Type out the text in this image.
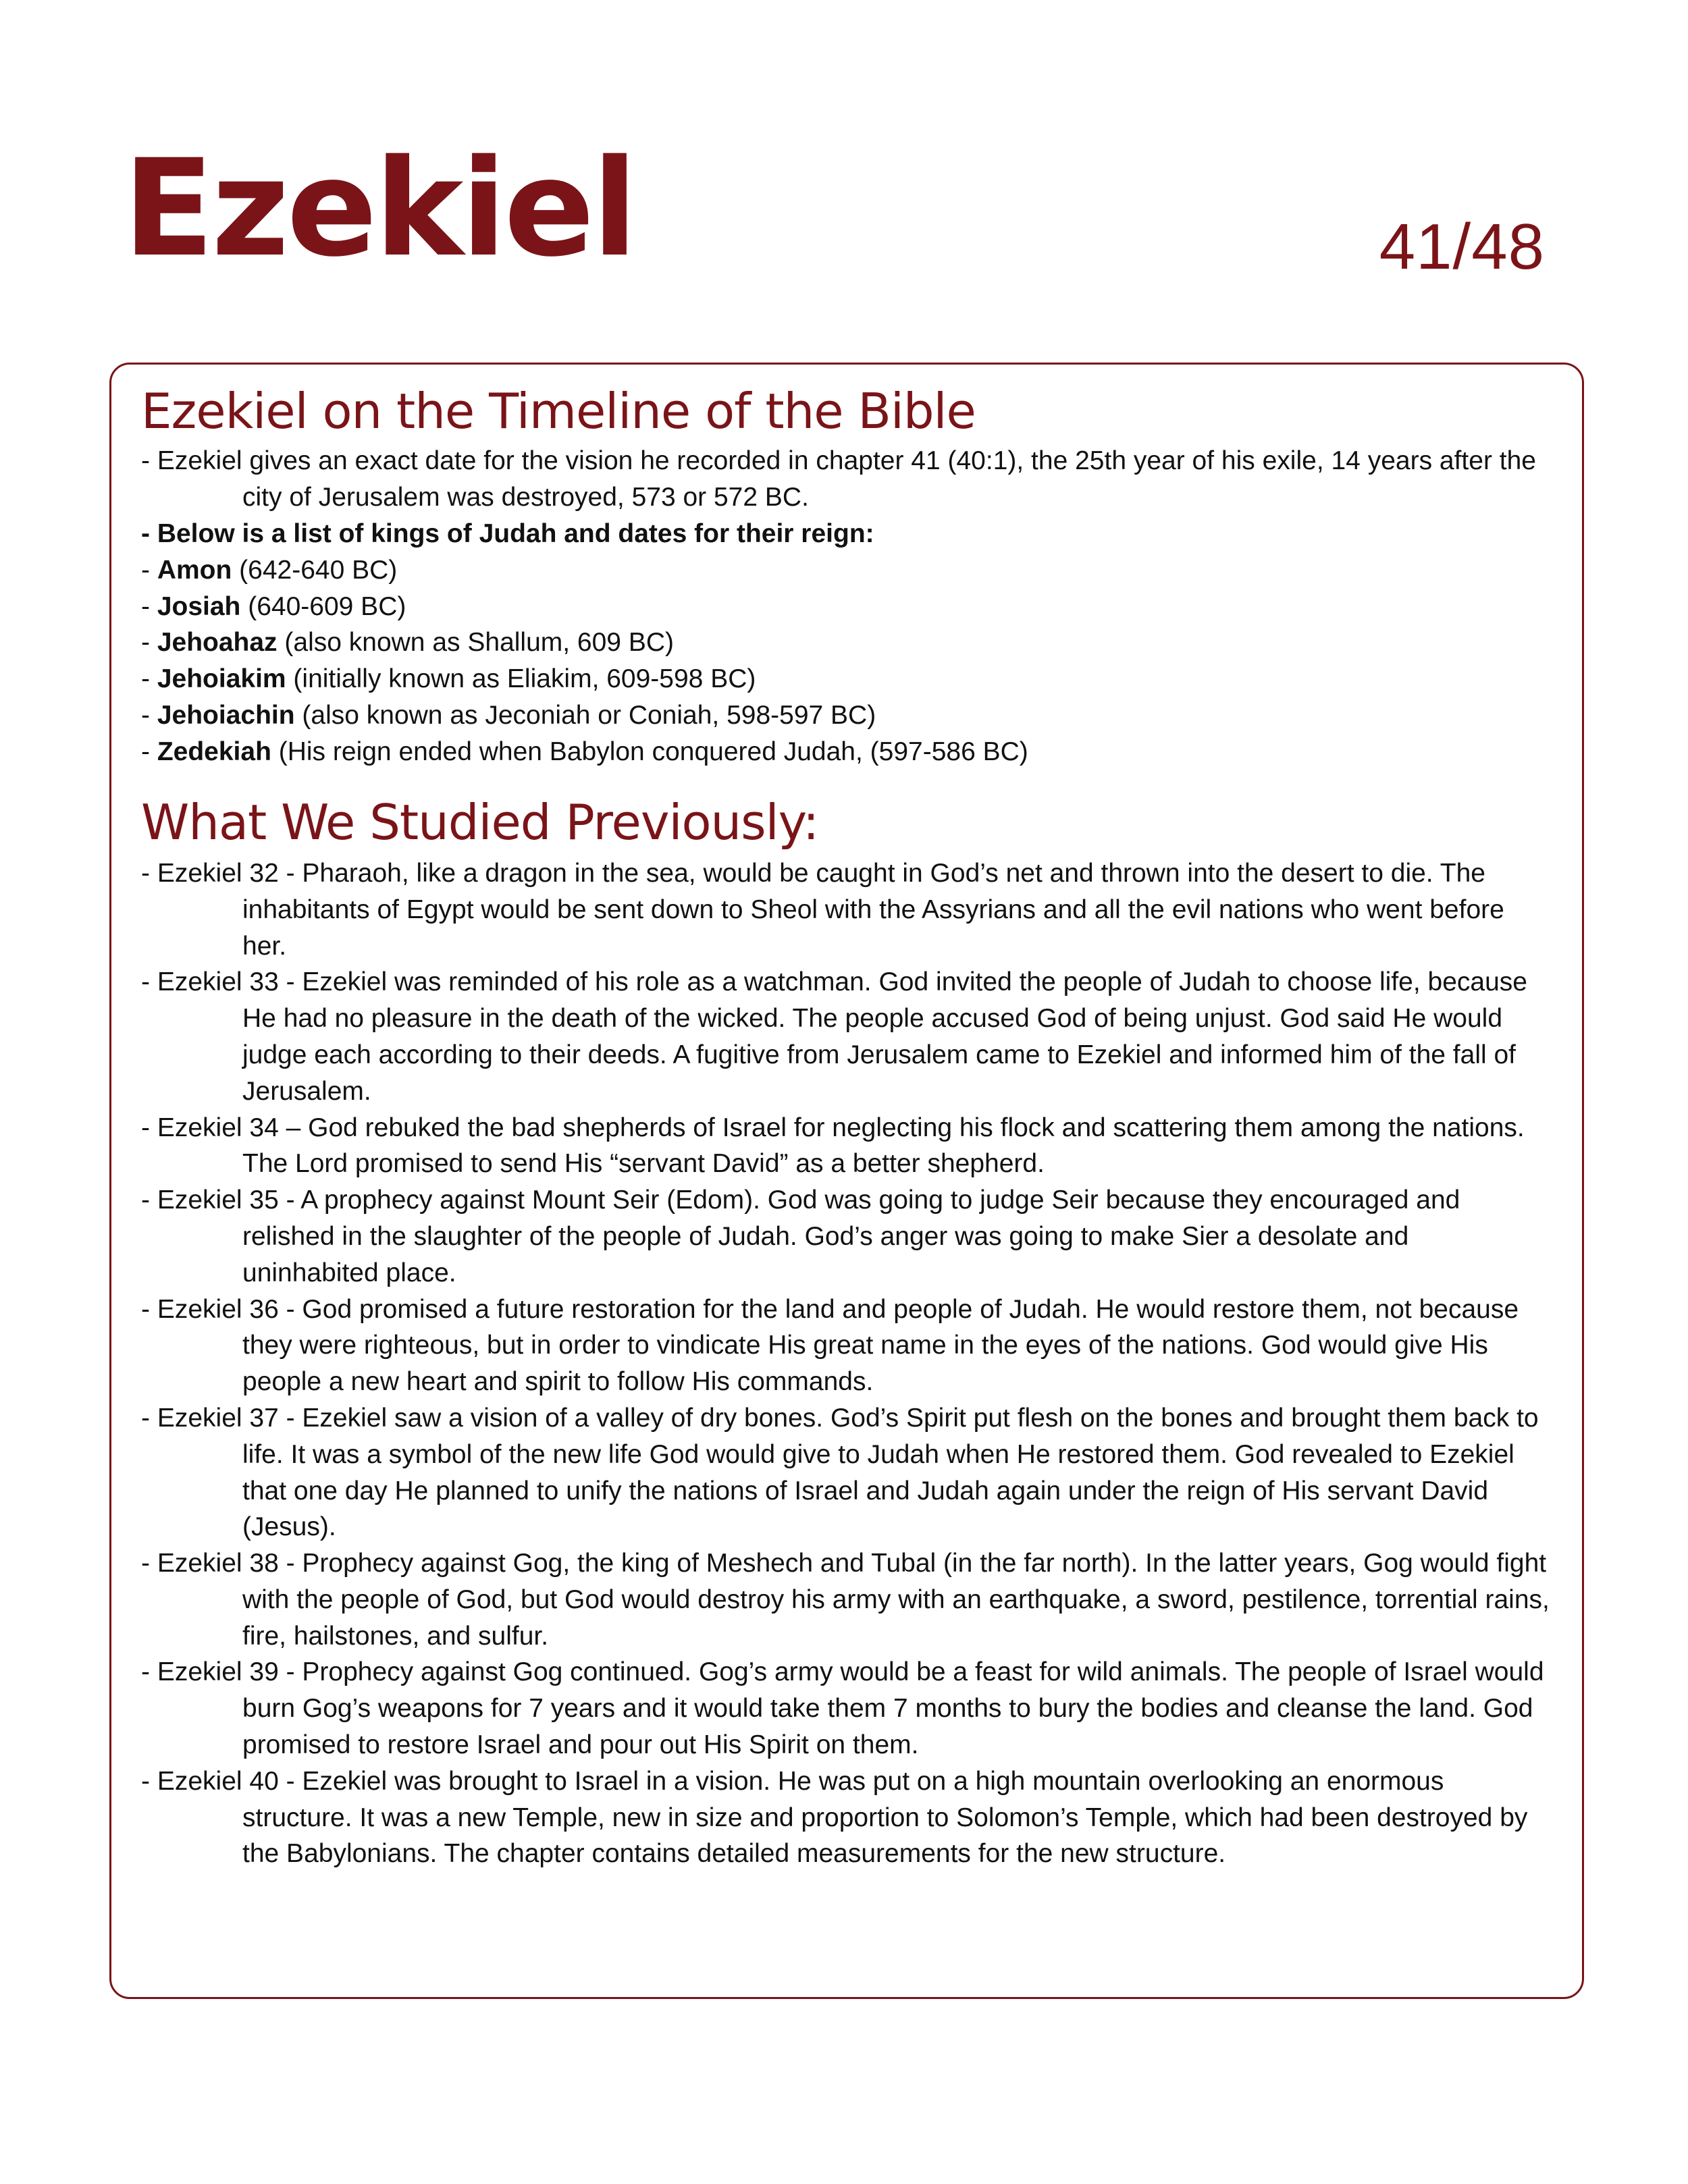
Ezekiel	41/48
Ezekiel on the Timeline of the Bible
- Ezekiel gives an exact date for the vision he recorded in chapter 41 (40:1), the 25th year of his exile, 14 years after the city of Jerusalem was destroyed, 573 or 572 BC.
- Below is a list of kings of Judah and dates for their reign:
- Amon (642-640 BC)
- Josiah (640-609 BC)
- Jehoahaz (also known as Shallum, 609 BC)
- Jehoiakim (initially known as Eliakim, 609-598 BC)
- Jehoiachin (also known as Jeconiah or Coniah, 598-597 BC)
- Zedekiah (His reign ended when Babylon conquered Judah, (597-586 BC)
What We Studied Previously:
- Ezekiel 32 - Pharaoh, like a dragon in the sea, would be caught in God’s net and thrown into the desert to die. The inhabitants of Egypt would be sent down to Sheol with the Assyrians and all the evil nations who went before her.
- Ezekiel 33 - Ezekiel was reminded of his role as a watchman. God invited the people of Judah to choose life, because He had no pleasure in the death of the wicked. The people accused God of being unjust. God said He would judge each according to their deeds. A fugitive from Jerusalem came to Ezekiel and informed him of the fall of Jerusalem.
- Ezekiel 34 – God rebuked the bad shepherds of Israel for neglecting his flock and scattering them among the nations. The Lord promised to send His “servant David” as a better shepherd.
- Ezekiel 35 - A prophecy against Mount Seir (Edom). God was going to judge Seir because they encouraged and relished in the slaughter of the people of Judah. God’s anger was going to make Sier a desolate and uninhabited place.
- Ezekiel 36 - God promised a future restoration for the land and people of Judah. He would restore them, not because they were righteous, but in order to vindicate His great name in the eyes of the nations. God would give His people a new heart and spirit to follow His commands.
- Ezekiel 37 - Ezekiel saw a vision of a valley of dry bones. God’s Spirit put flesh on the bones and brought them back to life. It was a symbol of the new life God would give to Judah when He restored them. God revealed to Ezekiel that one day He planned to unify the nations of Israel and Judah again under the reign of His servant David (Jesus).
- Ezekiel 38 - Prophecy against Gog, the king of Meshech and Tubal (in the far north). In the latter years, Gog would fight with the people of God, but God would destroy his army with an earthquake, a sword, pestilence, torrential rains, fire, hailstones, and sulfur.
- Ezekiel 39 - Prophecy against Gog continued. Gog’s army would be a feast for wild animals. The people of Israel would burn Gog’s weapons for 7 years and it would take them 7 months to bury the bodies and cleanse the land. God promised to restore Israel and pour out His Spirit on them.
- Ezekiel 40 - Ezekiel was brought to Israel in a vision. He was put on a high mountain overlooking an enormous structure. It was a new Temple, new in size and proportion to Solomon’s Temple, which had been destroyed by the Babylonians. The chapter contains detailed measurements for the new structure.
